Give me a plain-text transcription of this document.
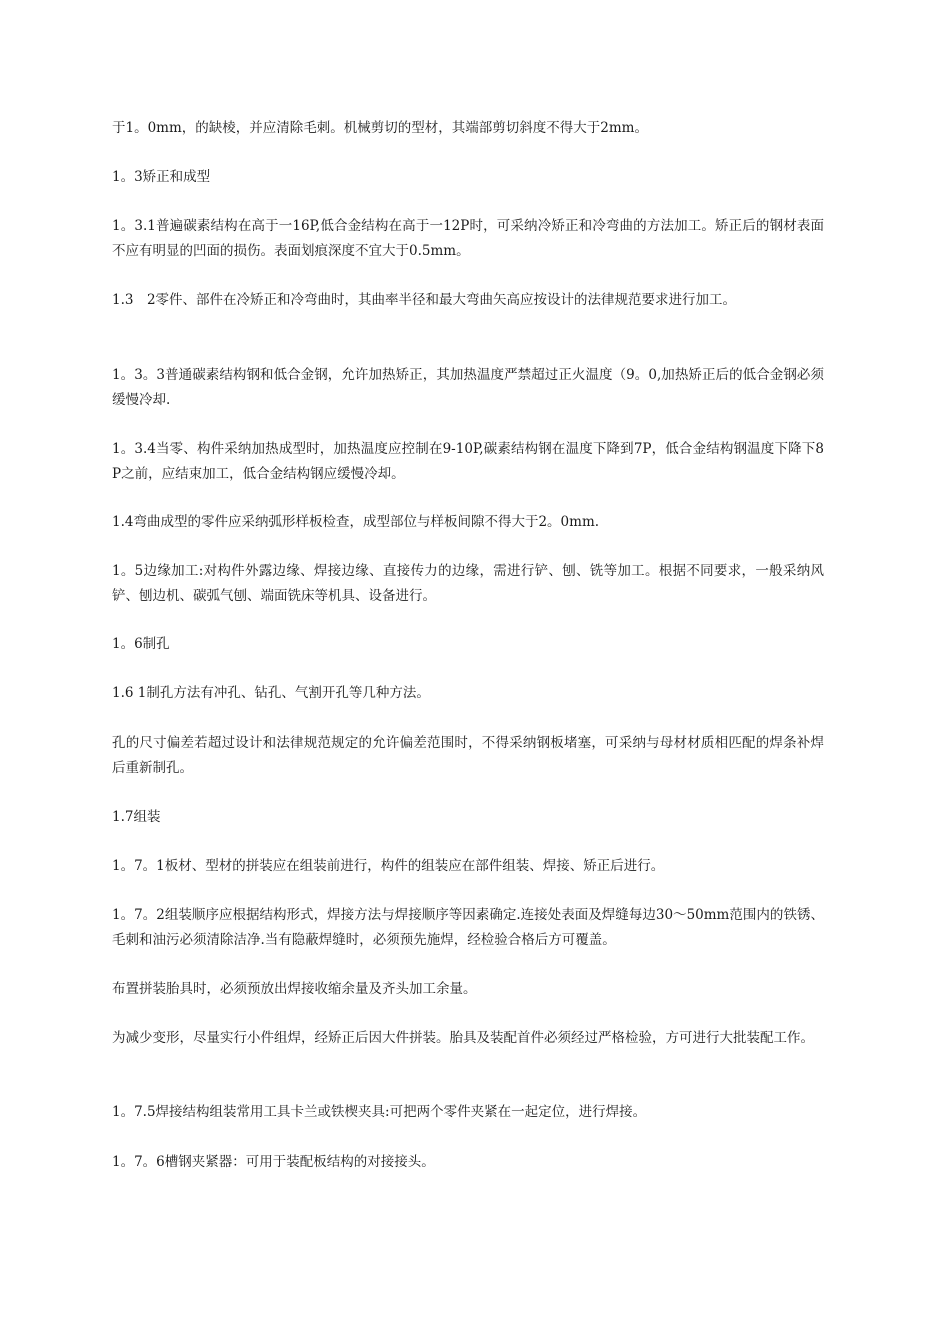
于1。0mm，的缺棱，并应清除毛刺。机械剪切的型材，其端部剪切斜度不得大于2mm。

1。3矫正和成型

1。3.1普遍碳素结构在高于一16P,低合金结构在高于一12P时，可采纳冷矫正和冷弯曲的方法加工。矫正后的钢材表面不应有明显的凹面的损伤。表面划痕深度不宜大于0.5mm。

1.3　2零件、部件在冷矫正和冷弯曲时，其曲率半径和最大弯曲矢高应按设计的法律规范要求进行加工。

1。3。3普通碳素结构钢和低合金钢，允许加热矫正，其加热温度严禁超过正火温度（9。0,加热矫正后的低合金钢必须缓慢冷却.

1。3.4当零、构件采纳加热成型时，加热温度应控制在9-10P,碳素结构钢在温度下降到7P，低合金结构钢温度下降下8P之前，应结束加工，低合金结构钢应缓慢冷却。

1.4弯曲成型的零件应采纳弧形样板检查，成型部位与样板间隙不得大于2。0mm.

1。5边缘加工:对构件外露边缘、焊接边缘、直接传力的边缘，需进行铲、刨、铣等加工。根据不同要求，一般采纳风铲、刨边机、碳弧气刨、端面铣床等机具、设备进行。

1。6制孔

1.6 1制孔方法有冲孔、钻孔、气割开孔等几种方法。

孔的尺寸偏差若超过设计和法律规范规定的允许偏差范围时，不得采纳钢板堵塞，可采纳与母材材质相匹配的焊条补焊后重新制孔。

1.7组装

1。7。1板材、型材的拼装应在组装前进行，构件的组装应在部件组装、焊接、矫正后进行。

1。7。2组装顺序应根据结构形式，焊接方法与焊接顺序等因素确定.连接处表面及焊缝每边30〜50mm范围内的铁锈、毛刺和油污必须清除洁净.当有隐蔽焊缝时，必须预先施焊，经检验合格后方可覆盖。

布置拼装胎具时，必须预放出焊接收缩余量及齐头加工余量。

为减少变形，尽量实行小件组焊，经矫正后因大件拼装。胎具及装配首件必须经过严格检验，方可进行大批装配工作。

1。7.5焊接结构组装常用工具卡兰或铁楔夹具:可把两个零件夹紧在一起定位，进行焊接。

1。7。6槽钢夹紧器：可用于装配板结构的对接接头。
